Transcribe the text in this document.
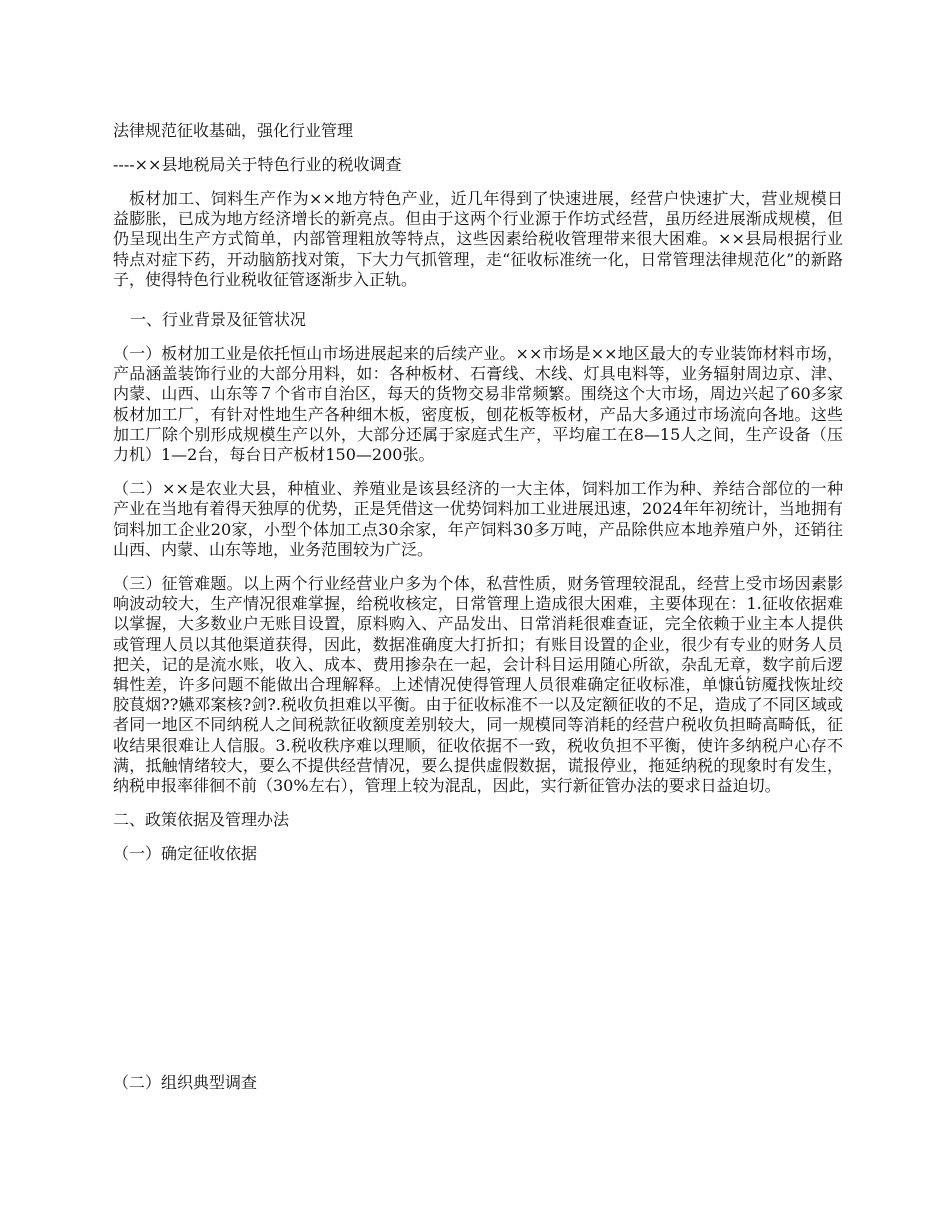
法律规范征收基础，强化行业管理

----××县地税局关于特色行业的税收调查

板材加工、饲料生产作为××地方特色产业，近几年得到了快速进展，经营户快速扩大，营业规模日益膨胀，已成为地方经济增长的新亮点。但由于这两个行业源于作坊式经营，虽历经进展渐成规模，但仍呈现出生产方式简单，内部管理粗放等特点，这些因素给税收管理带来很大困难。××县局根据行业特点对症下药，开动脑筋找对策，下大力气抓管理，走“征收标准统一化，日常管理法律规范化”的新路子，使得特色行业税收征管逐渐步入正轨。

一、行业背景及征管状况

（一）板材加工业是依托恒山市场进展起来的后续产业。××市场是××地区最大的专业装饰材料市场，产品涵盖装饰行业的大部分用料，如：各种板材、石膏线、木线、灯具电料等，业务辐射周边京、津、内蒙、山西、山东等７个省市自治区，每天的货物交易非常频繁。围绕这个大市场，周边兴起了60多家板材加工厂，有针对性地生产各种细木板，密度板，刨花板等板材，产品大多通过市场流向各地。这些加工厂除个别形成规模生产以外，大部分还属于家庭式生产，平均雇工在8—15人之间，生产设备（压力机）1—2台，每台日产板材150—200张。

（二）××是农业大县，种植业、养殖业是该县经济的一大主体，饲料加工作为种、养结合部位的一种产业在当地有着得天独厚的优势，正是凭借这一优势饲料加工业进展迅速，2024年年初统计，当地拥有饲料加工企业20家，小型个体加工点30余家，年产饲料30多万吨，产品除供应本地养殖户外，还销往山西、内蒙、山东等地，业务范围较为广泛。

（三）征管难题。以上两个行业经营业户多为个体，私营性质，财务管理较混乱，经营上受市场因素影响波动较大，生产情况很难掌握，给税收核定，日常管理上造成很大困难，主要体现在：1.征收依据难以掌握，大多数业户无账目设置，原料购入、产品发出、日常消耗很难查证，完全依赖于业主本人提供或管理人员以其他渠道获得，因此，数据准确度大打折扣；有账目设置的企业，很少有专业的财务人员把关，记的是流水账，收入、成本、费用掺杂在一起，会计科目运用随心所欲，杂乱无章，数字前后逻辑性差，许多问题不能做出合理解释。上述情况使得管理人员很难确定征收标准，单慷ǘ钫魇找恢址绞胶茛烟??嬿邓案核?剑?.税收负担难以平衡。由于征收标准不一以及定额征收的不足，造成了不同区域或者同一地区不同纳税人之间税款征收额度差别较大，同一规模同等消耗的经营户税收负担畸高畸低，征收结果很难让人信服。3.税收秩序难以理顺，征收依据不一致，税收负担不平衡，使许多纳税户心存不满，抵触情绪较大，要么不提供经营情况，要么提供虚假数据，谎报停业，拖延纳税的现象时有发生，纳税申报率徘徊不前（30%左右），管理上较为混乱，因此，实行新征管办法的要求日益迫切。

二、政策依据及管理办法

（一）确定征收依据

（二）组织典型调查
